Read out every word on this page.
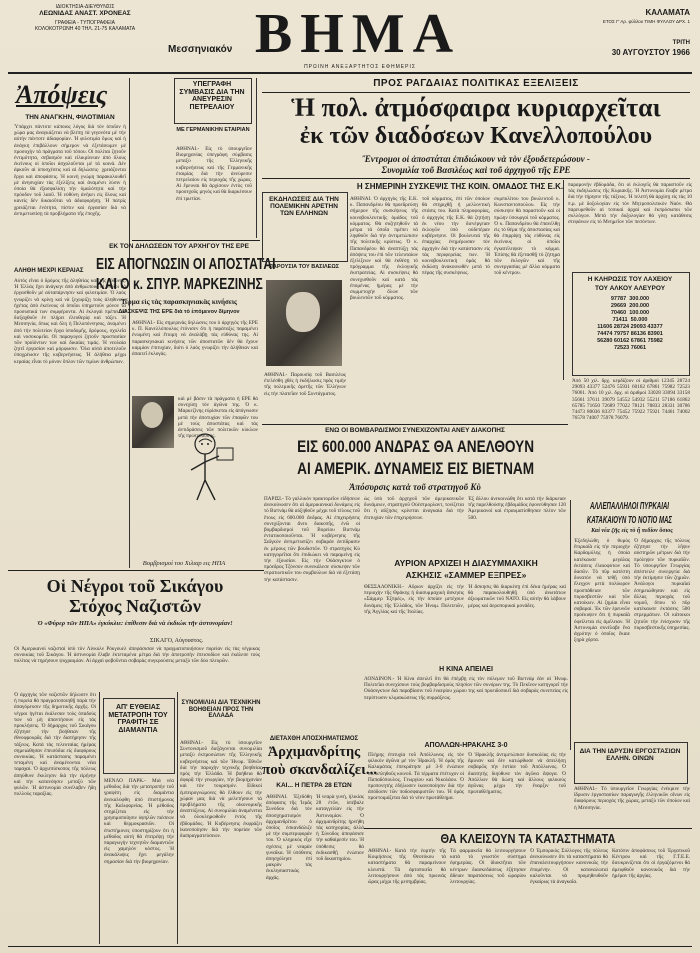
ΙΔΙΟΚΤΗΣΙΑ-ΔΙΕΥΘΥΝΣΙΣ
ΛΕΩΝΙΔΑΣ ΑΝΑΣΤ. ΧΡΟΝΕΑΣ
ΓΡΑΦΕΙΑ - ΤΥΠΟΓΡΑΦΕΙΑ
ΚΟΛΟΚΟΤΡΩΝΗ 40 ΤΗΛ. 21-75 ΚΑΛΑΜΑΤΑ
Μεσσηνιακόν ΒΗΜΑ
ΠΡΩΙΝΗ ΑΝΕΞΑΡΤΗΤΟΣ ΕΦΗΜΕΡΙΣ
ΚΑΛΑΜΑΤΑ
ΕΤΟΣ Γ' Αρ. φύλλου ΤΙΜΗ ΦΥΛΛΟΥ ΔΡΧ. 1
ΤΡΙΤΗ
30 ΑΥΓΟΥΣΤΟΥ 1966
Ἀπόψεις
ΤΗΝ ΑΝΑΓΚΗΝ, ΦΙΛΟΤΙΜΙΑΝ
Ὑπάρχει πάντοτε κάποιος λόγος διὰ τὸν ὁποῖον ἡ χώρα μας ἀναγκάζεται νὰ βλέπῃ τὰ γεγονότα μὲ τὴν αὐτὴν πάντοτε ἀδιαφορίαν. Ἡ φιλοτιμία ὅμως καὶ ἡ ἀνάγκη ἐπιβάλλουν σήμερον νὰ ἐξετάσωμεν μὲ προσοχὴν τὰ πράγματα τοῦ τόπου. Οἱ πολίται ζητοῦν ἐντιμότητα, σεβασμὸν καὶ εἰλικρίνειαν ἀπὸ ὅλους ἐκείνους οἱ ὁποῖοι ἀσχολοῦνται μὲ τὰ κοινά. Δὲν ἀρκοῦν αἱ ὑποσχέσεις καὶ αἱ δηλώσεις· χρειάζονται ἔργα καὶ ἀποφάσεις. Ἡ κοινὴ γνώμη παρακολουθεῖ μὲ ἀνησυχίαν τὰς ἐξελίξεις καὶ ἀναμένει λύσιν ἡ ὁποία θὰ ἐξασφαλίσῃ τὴν ὁμαλότητα καὶ τὴν πρόοδον τοῦ λαοῦ. Ἡ εὐθύνη ἀνήκει εἰς ὅλους καὶ κανεὶς δὲν δικαιοῦται νὰ ἀδιαφορήσῃ. Ἡ πατρὶς χρειάζεται ἑνότητα, πίστιν καὶ ἐργασίαν διὰ νὰ ἀντιμετωπίσῃ τὰ προβλήματα τῆς ἐποχῆς.
ΑΛΗΘΗ ΜΕΧΡΙ ΚΕΡΑΙΑΣ
Αὐτὸς εἶναι ὁ δρόμος τῆς ἀληθείας καὶ τῆς εὐθύνης. Ἡ Ἑλλὰς ἔχει ἀνάγκην ἀπὸ ἀνθρώπους οἱ ὁποῖοι θὰ ἐργασθοῦν μὲ αὐταπάρνησιν καὶ φιλοτιμίαν. Ὁ λαὸς γνωρίζει νὰ κρίνῃ καὶ νὰ ξεχωρίζῃ τοὺς ἀληθινοὺς ἡγέτας ἀπὸ ἐκείνους οἱ ὁποῖοι ὑπηρετοῦν μόνον τὰ προσωπικά των συμφέροντα. Αἱ ἐκλογαὶ πρέπει νὰ διεξαχθοῦν ἐν πλήρει ἐλευθερίᾳ καὶ τάξει. Ἡ Μεσσηνία, ὅπως καὶ ὅλη ἡ Πελοπόννησος, ἀναμένει ἀπὸ τὴν πολιτείαν ἔργα ὑποδομῆς, δρόμους, σχολεῖα καὶ νοσοκομεῖα. Οἱ παραγωγοὶ ζητοῦν προστασίαν τῶν προϊόντων των καὶ δικαίας τιμάς. Ἡ νεολαία ζητεῖ ἐργασίαν καὶ μόρφωσιν. Ὅλα αὐτὰ ἀποτελοῦν ὑποχρέωσιν τῆς κυβερνήσεως. Ἡ ἀλήθεια μέχρι κεραίας εἶναι τὸ μόνον ὅπλον τῶν τιμίων ἀνθρώπων.
ΥΠΕΓΡΑΦΗ ΣΥΜΒΑΣΙΣ ΔΙΑ ΤΗΝ ΑΝΕΥΡΕΣΙΝ ΠΕΤΡΕΛΑΙΟΥ
ΜΕ ΓΕΡΜΑΝΙΚΗΝ ΕΤΑΙΡΙΑΝ
ΑΘΗΝΑΙ.- Εἰς τὸ ὑπουργεῖον Βιομηχανίας ὑπεγράφη σύμβασις μεταξὺ τῆς Ἑλληνικῆς κυβερνήσεως καὶ τῆς Γερμανικῆς ἑταιρίας διὰ τὴν ἀνεύρεσιν πετρελαίου εἰς περιοχὰς τῆς χώρας. Αἱ ἔρευναι θὰ ἀρχίσουν ἐντὸς τοῦ προσεχοῦς μηνὸς καὶ θὰ διαρκέσουν ἐπὶ τριετίαν.
ΠΡΟΣ ΡΑΓΔΑΙΑΣ ΠΟΛΙΤΙΚΑΣ ΕΞΕΛΙΞΕΙΣ
Ἡ πολ. ἀτμόσφαιρα κυριαρχεῖται
ἐκ τῶν διαδόσεων Κανελλοπούλου
Ἔντρομοι οἱ ἀποστάται ἐπιδιώκουν νὰ τὸν ἐξουδετερώσουν -
Συνομιλία τοῦ Βασιλέως καὶ τοῦ ἀρχηγοῦ τῆς ΕΡΕ
ΕΚ ΤΟΝ ΔΗΛΩΣΕΩΝ ΤΟΥ ΑΡΧΗΓΟΥ ΤΗΣ ΕΡΕ
ΕΙΣ ΑΠΟΓΝΩΣΙΝ ΟΙ ΑΠΟΣΤΑΤΑΙ
ΚΑΙ Ο κ. ΣΠΥΡ. ΜΑΡΚΕΖΙΝΗΣ
Τέρμα εἰς τὰς παρασκηνιακὰς κινήσεις
ΔΙΑΣΚΕΨΙΣ ΤΗΣ ΕΡΕ διὰ τὸ ἑπόμενον δίμηνον
ΑΘΗΝΑΙ.- Εἰς σημερινὰς δηλώσεις του ὁ ἀρχηγὸς τῆς ΕΡΕ κ. Π. Κανελλόπουλος ἐτόνισεν ὅτι ἡ παράταξις παραμένει ἑνωμένη καὶ ἕτοιμη νὰ ἀναλάβῃ τὰς εὐθύνας της. Αἱ παρασκηνιακαὶ κινήσεις τῶν ἀποστατῶν δὲν θὰ ἔχουν καμμίαν ἐπιτυχίαν, διότι ὁ λαὸς γνωρίζει τὴν ἀλήθειαν καὶ ἀπαιτεῖ ἐκλογάς.
καὶ μὲ βάσιν τὰ πράγματα ἡ ΕΡΕ θὰ συνεχίσῃ τὸν ἀγῶνα της. Ὁ κ. Μαρκεζίνης εὑρίσκεται εἰς ἀπόγνωσιν μετὰ τὴν ἀποτυχίαν τῶν ἐπαφῶν του μὲ τοὺς ἀποστάτας καὶ τὰς ἀντιδράσεις τῶν πολιτικῶν κύκλων τῆς πρωτευούσης.
Βομβρισμοί του Χιλιαρ εις ΗΠΑ
ΕΚΔΗΛΩΣΕΙΣ ΔΙΑ ΤΗΝ ΠΟΛΕΜΙΚΗΝ ΑΡΕΤΗΝ ΤΩΝ ΕΛΛΗΝΩΝ
ΠΑΡΟΥΣΙΑ ΤΟΥ ΒΑΣΙΛΕΩΣ
ΑΘΗΝΑΙ.- Παρουσίᾳ τοῦ Βασιλέως ἐτελέσθη χθὲς ἡ ἐκδήλωσις πρὸς τιμὴν τῆς πολεμικῆς ἀρετῆς τῶν Ἑλλήνων εἰς τὴν πλατεῖαν τοῦ Συντάγματος.
Η ΣΗΜΕΡΙΝΗ ΣΥΣΚΕΨΙΣ ΤΗΣ ΚΟΙΝ. ΟΜΑΔΟΣ ΤΗΣ Ε.Κ.
ΑΘΗΝΑΙ. Ὁ ἀρχηγὸς τῆς Ε.Κ. κ. Παπανδρέου θὰ προεδρεύσῃ σήμερον τῆς συσκέψεως τῆς κοινοβουλευτικῆς ὁμάδος τοῦ κόμματος. Θὰ συζητηθοῦν τὰ μέτρα τὰ ὁποῖα πρέπει νὰ ληφθοῦν διὰ τὴν ἀντιμετώπισιν τῆς πολιτικῆς κρίσεως. Ὁ κ. Παπανδρέου θὰ ἀναπτύξῃ τὰς ἀπόψεις του ἐπὶ τῶν τελευταίων ἐξελίξεων καὶ θὰ ἐκθέσῃ τὸ πρόγραμμα τῆς ἐκλογικῆς ἐκστρατείας. Αἱ συσκέψεις θὰ συνεχισθοῦν καὶ κατὰ τὰς ἑπομένας ἡμέρας μὲ τὴν συμμετοχὴν ὅλων τῶν βουλευτῶν τοῦ κόμματος.
τοῦ κόμματος, ἐπὶ τῶν ὁποίων θὰ στηριχθῇ ἡ μελλοντικὴ στάσις του. Κατὰ πληροφορίας, ὁ ἀρχηγὸς τῆς Ε.Κ. θὰ ζητήσῃ ἐκ νέου τὴν διενέργειαν ἐκλογῶν ὑπὸ οὐδετέραν κυβέρνησιν. Οἱ βουλευταὶ τῆς ἐπαρχίας ἐνημέρωσαν τὸν ἀρχηγὸν διὰ τὴν κατάστασιν εἰς τὰς περιφερείας των. Ἡ κοινοβουλευτικὴ ὁμὰς θὰ ἐκδώσῃ ἀνακοινωθὲν μετὰ τὸ πέρας τῆς συσκέψεως.
συμπολίτου του βουλευτοῦ κ. Κωνσταντοπούλου. Εἰς τὴν σύσκεψιν θὰ παραστοῦν καὶ οἱ πρώην ὑπουργοὶ τοῦ κόμματος. Ὁ κ. Παπανδρέου θὰ ἐπανέλθῃ εἰς τὸ θέμα τῆς ἀποστασίας καὶ θὰ ἐπιρρίψῃ τὰς εὐθύνας εἰς ἐκείνους οἱ ὁποῖοι ἐγκατέλειψαν τὸ κόμμα. Ἐπίσης θὰ ἐξετασθῇ τὸ ζήτημα τῶν ἐκλογῶν καὶ τῆς συνεργασίας μὲ ἄλλα κόμματα τοῦ κέντρου.
παραμονὴν ἐβδομάδα, ὅτι οἱ ἐκλογεῖς θὰ παραστοῦν εἰς τὰς ἐκδηλώσεις τῆς Κυριακῆς. Ἡ Ἀστυνομία ἔλαβε μέτρα διὰ τὴν τήρησιν τῆς τάξεως. Ἡ τελετὴ θὰ ἀρχίσῃ εἰς τὰς 10 π.μ. μὲ δοξολογίαν εἰς τὸν Μητροπολιτικὸν Ναόν. Θὰ παρευρεθοῦν αἱ τοπικαὶ ἀρχαὶ καὶ ἐκπρόσωποι τῶν συλλόγων. Μετὰ τὴν δοξολογίαν θὰ γίνῃ κατάθεσις στεφάνων εἰς τὸ Μνημεῖον τῶν πεσόντων.
Η ΚΛΗΡΩΣΙΣ ΤΟΥ ΛΑΧΕΙΟΥ
ΤΟΥ ΑΛΚΟΥ ΑΛΕΥΡΟΥ
97787  300.000
29669  200.000
70460  100.000
71411  50.000
11606 28724 29093 43377
74474 79757 86136 83901
56280 60162 67861 75982
72523 76061
Ἀπὸ 50 χιλ. δρχ. κερδίζουν οἱ ἀριθμοὶ 12345 28724 29093 43377 52476 55931 60162 67861 75982 72523 76061. Ἀπὸ 10 χιλ. δρχ. οἱ ἀριθμοὶ 33028 33094 33158 35661 37611 39079 54552 54932 55211 57186 61862 65785 71650 72689 77022 78121 78833 28331 30786 74473 80036 83377 75452 75922 75921 74461 74002 76578 74007 75978 76079.
ΕΝΩ ΟΙ ΒΟΜΒΑΡΔΙΣΜΟΙ ΣΥΝΕΧΙΖΟΝΤΑΙ ΑΝΕΥ ΔΙΑΚΟΠΗΣ
ΕΙΣ 600.000 ΑΝΔΡΑΣ ΘΑ ΑΝΕΛΘΟΥΝ
ΑΙ ΑΜΕΡΙΚ. ΔΥΝΑΜΕΙΣ ΕΙΣ ΒΙΕΤΝΑΜ
Ἀπόσυρσις κατὰ τοῦ στρατηγοῦ Κὺ
ΠΑΡΙΣΙ.- Τὸ γαλλικὸν πρακτορεῖον εἰδήσεων ἀνεκοίνωσεν ὅτι αἱ ἀμερικανικαὶ δυνάμεις εἰς τὸ Βιετνὰμ θὰ αὐξηθοῦν μέχρι τοῦ τέλους τοῦ ἔτους εἰς 600.000 ἄνδρας. Αἱ ἐπιχειρήσεις συνεχίζονται ἄνευ διακοπῆς, ἐνῶ οἱ βομβαρδισμοὶ τοῦ Βορείου Βιετνὰμ ἐντατικοποιοῦνται. Ἡ κυβέρνησις τῆς Σαϊγκὸν ἀντιμετωπίζει σοβαρὰν ἀντίδρασιν ἐκ μέρους τῶν βουδιστῶν. Ὁ στρατηγὸς Κὺ κατηγορεῖται ὅτι ἐπιδιώκει νὰ παραμείνῃ εἰς τὴν ἐξουσίαν. Εἰς τὴν Οὐάσιγκτων ὁ πρόεδρος Τζόνσον συνεκάλεσε σύσκεψιν τῶν στρατιωτικῶν του συμβούλων διὰ νὰ ἐξετάσῃ τὴν κατάστασιν.
ὡς ὑπὸ τοῦ ἀρχηγοῦ τῶν ἀμερικανικῶν δυνάμεων, στρατηγοῦ Οὐέστμορλαντ, τονίζεται ὅτι ἡ αὔξησις κρίνεται ἀναγκαία διὰ τὴν ἐπιτυχίαν τῶν ἐπιχειρήσεων.
Ἐξ ἄλλου ἀνεκοινώθη ὅτι κατὰ τὴν διάρκειαν τῆς παρελθούσης ἑβδομάδος ἐφονεύθησαν 120 Ἀμερικανοὶ καὶ ἐτραυματίσθησαν πλέον τῶν 500.
ΑΥΡΙΟΝ ΑΡΧΙΖΕΙ Η ΔΙΑΣΥΜΜΑΧΙΚΗ
ΑΣΚΗΣΙΣ «ΣΑΜΜΕΡ ΕΞΠΡΕΣ»
ΘΕΣΣΑΛΟΝΙΚΗ.- Αὔριον ἀρχίζει εἰς τὴν περιοχὴν τῆς Θράκης ἡ διασυμμαχικὴ ἄσκησις «Σάμμερ Ἐξπρὲς», εἰς τὴν ὁποίαν μετέχουν δυνάμεις τῆς Ἑλλάδος, τῶν Ἡνωμ. Πολιτειῶν, τῆς Ἀγγλίας καὶ τῆς Ἰταλίας.
Ἡ ἄσκησις θὰ διαρκέσῃ ἐπὶ δέκα ἡμέρας καὶ θὰ παρακολουθηθῇ ὑπὸ ἀνωτάτων ἀξιωματικῶν τοῦ ΝΑΤΟ. Εἰς αὐτὴν θὰ λάβουν μέρος καὶ ἀεροπορικαὶ μονάδες.
Η ΚΙΝΑ ΑΠΕΙΛΕΙ
ΛΟΝΔΙΝΟΝ.- Ἡ Κίνα ἀπειλεῖ ὅτι θὰ ἐπέμβῃ εἰς τὸν πόλεμον τοῦ Βιετνὰμ ἐὰν αἱ Ἡνωμ. Πολιτεῖαι συνεχίσουν τοὺς βομβαρδισμοὺς πλησίον τῶν συνόρων της. Τὸ Πεκῖνον κατηγορεῖ τὴν Οὐάσιγκτων διὰ παραβίασιν τοῦ ἐναερίου χώρου της καὶ προειδοποιεῖ διὰ σοβαρὰς συνεπείας εἰς περίπτωσιν κλιμακώσεως τῆς συρράξεως.
ΑΛΛΕΠΑΛΛΗΛΟΙ ΠΥΡΚΑΙΑΙ
ΚΑΤΑΚΑΙΟΥΝ ΤΟ ΝΟΤΙΟ ΜΑΣ
Καὶ νέα ζῆς εἰς τὸ ἦ πεδίον ὅσιος
Ἐξεδηλώθη ὁ θυμὸς ἔπιρκαϊὰ εἰς τὴν περιοχὴν Καρδαμύλης ἡ ὁποία κατέκαυσε μεγάλας ἐκτάσεις ἐλαιοφύτων καὶ δασῶν. Τὸ πῦρ κατέστη δυνατὸν νὰ τεθῇ ὑπὸ ἔλεγχον μετὰ πολύωρον προσπάθειαν τῶν πυροσβεστῶν καὶ τῶν κατοίκων. Αἱ ζημίαι εἶναι σοβαραί. Ἐκ τῶν ἐρευνῶν προέκυψεν ὅτι ἡ πυρκαϊὰ ὀφείλεται εἰς ἀμέλειαν. Ἡ Ἀστυνομία συνέλαβε ἕνα ἀγρότην ὁ ὁποῖος ἔκαιε ξηρὰ χόρτα.
Ὁ δήμαρχος τῆς πόλεως ἐζήτησε τὴν λῆψιν αὐστηρῶν μέτρων διὰ τὴν πρόληψιν τῶν πυρκαϊῶν. Τὸ ὑπουργεῖον Γεωργίας ἀπέστειλε συνεργεία διὰ τὴν ἐκτίμησιν τῶν ζημιῶν. Ἀνάλογοι πυρκαϊαὶ ἐσημειώθησαν καὶ εἰς ἄλλας περιοχὰς τοῦ νομοῦ, ὅπου τὸ πῦρ κατέκαυσε ἐκτάσεις 500 στρεμμάτων. Οἱ κάτοικοι ζητοῦν τὴν ἐνίσχυσιν τῆς πυροσβεστικῆς ὑπηρεσίας.
Οἱ Νέγροι τοῦ Σικάγου
Στόχος Ναζιστῶν
Ὁ «Φύρερ τῶν ΗΠΑ» ἐγκύκλιε: ἐπίθεσιν διὰ νὰ ἐκδιώκ τῆν ἀστυνομίαν!
ΣΙΚΑΓΟ, Αὐγουστος.
Οἱ Ἀμερικανοὶ ναζισταὶ ὑπὸ τὸν Λίνκολν Ρόκγουελ ἀπεφάσισαν νὰ πραγματοποιήσουν πορείαν εἰς τὰς νέγρικας συνοικίας τοῦ Σικάγου. Ἡ ἀστυνομία ἔλαβε ἐκτεταμένα μέτρα διὰ τὴν ἀποτροπὴν ἐπεισοδίων καὶ ἐκάλεσε τοὺς πολίτας νὰ τηρήσουν ψυχραιμίαν. Αἱ ἀρχαὶ φοβοῦνται σοβαρὰς συγκρούσεις μεταξὺ τῶν δύο πλευρῶν.
Ὁ ἀρχηγὸς τῶν ναζιστῶν δήλωσεν ὅτι ἡ πορεία θὰ πραγματοποιηθῇ παρὰ τὴν ἀπαγόρευσιν τῆς δημοτικῆς ἀρχῆς. Οἱ νέγροι ἡγέται ἐκάλεσαν τοὺς ὀπαδούς των νὰ μὴ ἀπαντήσουν εἰς τὰς προκλήσεις. Ὁ δήμαρχος τοῦ Σικάγου ἐζήτησε τὴν βοήθειαν τῆς ἐθνοφρουρᾶς διὰ τὴν διατήρησιν τῆς τάξεως. Κατὰ τὰς τελευταίας ἡμέρας σημειώθησαν ἐπεισόδια εἰς διαφόρους συνοικίας. Ἡ κατάστασις παραμένει τεταμένη καὶ ἀναμένονται νέαι ταραχαί. Ὁ ἀρχιεπίσκοπος τῆς πόλεως ἀπηύθυνε ἔκκλησιν διὰ τὴν εἰρήνην καὶ τὴν κατανόησιν μεταξὺ τῶν φυλῶν. Ἡ ἀστυνομία συνέλαβεν ἤδη πολλοὺς ταραξίας.
ΑΠ' ΕΥΘΕΙΑΣ ΜΕΤΑΤΡΟΠΗ ΤΟΥ ΓΡΑΦΙΤΗ ΣΕ ΔΙΑΜΑΝΤΙΑ
ΜΕΝΛΟ ΠΑΡΚ.- Μιὰ νέα μέθοδος διὰ τὴν μετατροπὴν τοῦ γραφίτη εἰς διαμάντια ἀνεκαλύφθη ἀπὸ ἐπιστήμονας τῆς Καλιφορνίας. Ἡ μέθοδος στηρίζεται εἰς τὴν χρησιμοποίησιν ὑψηλῶν πιέσεων καὶ θερμοκρασιῶν. Οἱ ἐπιστήμονες ὑποστηρίζουν ὅτι ἡ μέθοδος αὐτὴ θὰ ἐπιτρέψῃ τὴν παραγωγὴν τεχνητῶν διαμαντιῶν εἰς χαμηλὸν κόστος. Ἡ ἀνακάλυψις ἔχει μεγάλην σημασίαν διὰ τὴν βιομηχανίαν.
ΣΥΝΟΜΙΛΙΑΙ ΔΙΑ ΤΕΧΝΙΚΗΝ ΒΟΗΘΕΙΑΝ ΠΡΟΣ ΤΗΝ ΕΛΛΑΔΑ
ΑΘΗΝΑΙ.- Εἰς τὸ ὑπουργεῖον Συντονισμοῦ διεξάγονται συνομιλίαι μεταξὺ ἐκπροσώπων τῆς Ἑλληνικῆς κυβερνήσεως καὶ τῶν Ἡνωμ. Ἐθνῶν διὰ τὴν παροχὴν τεχνικῆς βοηθείας πρὸς τὴν Ἑλλάδα. Ἡ βοήθεια θὰ ἀφορᾷ τὴν γεωργίαν, τὴν βιομηχανίαν καὶ τὸν τουρισμόν. Εἰδικοὶ ἐμπειρογνώμονες θὰ ἔλθουν εἰς τὴν χώραν μας διὰ νὰ μελετήσουν τὰ προβλήματα τῆς οἰκονομικῆς ἀναπτύξεως. Αἱ συνομιλίαι ἀναμένεται νὰ ὁλοκληρωθοῦν ἐντὸς τῆς ἑβδομάδος. Ἡ Κυβέρνησις ἐκφράζει ἱκανοποίησιν διὰ τὴν πορείαν τῶν διαπραγματεύσεων.
ΔΙΕΤΑΧΘΗ ΑΠΟΣΧΗΜΑΤΙΣΜΟΣ
Ἀρχιμανδρίτης
ποὺ σκανδαλίζει...
ΚΑΙ... Η ΠΕΤΡΑ 28 ΕΤΩΝ
ΑΘΗΝΑΙ. Ἐξεδόθη ἀπόφασις τῆς Ἱερᾶς Συνόδου διὰ τὸν ἀποσχηματισμὸν ἀρχιμανδρίτου ὁ ὁποῖος ἐσκανδάλιζε μὲ τὴν συμπεριφοράν του. Ὁ κληρικὸς εἶχε σχέσεις μὲ νεαρὰν γυναῖκα. Ἡ ὑπόθεσις ἀπησχόλησε ἐπὶ μακρὸν τὰς ἐκκλησιαστικὰς ἀρχάς.
Ἡ νεαρὰ γυνή, ἡλικίας 28 ἐτῶν, ὑπέβαλε καταγγελίαν εἰς τὴν Ἀστυνομίαν. Ὁ ἀρχιμανδρίτης ἠρνήθη τὰς κατηγορίας, ἀλλὰ ἡ Σύνοδος ἀπεφάσισε τὴν καθαίρεσίν του. Ἡ ὑπόθεσις θὰ ἐκδικασθῇ ἐνώπιον τοῦ δικαστηρίου.
ΑΠΟΛΛΩΝ-ΗΡΑΚΛΗΣ 3-0
Πλήρης ἐπιτυχία τοῦ Ἀπόλλωνος εἰς τὸν φιλικὸν ἀγῶνα μὲ τὸν Ἡρακλῆ. Ἡ ὁμὰς τῆς Καλαμάτας ἐπεκράτησε μὲ 3-0 ἐνώπιον πολυπληθοῦς κοινοῦ. Τὰ τέρματα ἐπέτυχον οἱ Παπαδόπουλος, Γεωργίου καὶ Νικολάου. Ὁ προπονητὴς ἐδήλωσεν ἱκανοποίησιν διὰ τὴν ἀπόδοσιν τῶν ποδοσφαιριστῶν του. Ἡ ὁμὰς προετοιμάζεται διὰ τὸ νέον πρωτάθλημα.
Ὁ Ἡρακλῆς ἀντιμετώπισε δυσκολίας εἰς τὴν ἄμυναν καὶ δὲν κατώρθωσε νὰ ἀπειλήσῃ σοβαρῶς τὴν ἑστίαν τοῦ Ἀπόλλωνος. Ὁ διαιτητὴς διηύθυνε τὸν ἀγῶνα ἄψογα. Ὁ Ἀπόλλων θὰ δώσῃ καὶ ἄλλους φιλικοὺς ἀγῶνας μέχρι τὴν ἔναρξιν τοῦ πρωταθλήματος.
ΔΙΑ ΤΗΝ ΙΔΡΥΣΙΝ ΕΡΓΟΣΤΑΣΙΩΝ ΕΛΛΗΝ. ΟΙΝΩΝ
ΑΘΗΝΑΙ.- Τὸ ὑπουργεῖον Γεωργίας ἐνέκρινε τὴν ἵδρυσιν ἐργοστασίων παραγωγῆς ἑλληνικῶν οἴνων εἰς διαφόρους περιοχὰς τῆς χώρας, μεταξὺ τῶν ὁποίων καὶ ἡ Μεσσηνία.
ΘΑ ΚΛΕΙΣΟΥΝ ΤΑ ΚΑΤΑΣΤΗΜΑΤΑ
ΑΘΗΝΑΙ.- Κατὰ τὴν ἑορτὴν τῆς Κοιμήσεως τῆς Θεοτόκου τὰ καταστήματα θὰ παραμείνουν κλειστά. Τὰ ἀρτοποιεῖα θὰ λειτουργήσουν ἀπὸ τὰς πρωινὰς ὥρας μέχρι τῆς μεσημβρίας.
Τὰ φαρμακεῖα θὰ λειτουργήσουν κατὰ τὸ γνωστὸν σύστημα ἐφημερίας. Οἱ ἰδιοκτῆται τῶν κέντρων διασκεδάσεως ἐζήτησαν ἄδειαν παρατάσεως τοῦ ὡραρίου λειτουργίας.
Ὁ Ἐμπορικὸς Σύλλογος τῆς πόλεως ἀνεκοίνωσεν ὅτι τὰ καταστήματα θὰ ἐπαναλειτουργήσουν κανονικῶς τὴν ἑπομένην. Οἱ καταναλωταὶ καλοῦνται νὰ προμηθευθοῦν ἐγκαίρως τὰ ἀναγκαῖα.
Κατόπιν ἀποφάσεως τοῦ Ἐργατικοῦ Κέντρου καὶ τῆς Γ.Τ.Ε.Ε. διευκρινίζεται ὅτι οἱ ἐργαζόμενοι θὰ ἀμειφθοῦν κανονικῶς διὰ τὴν ἡμέραν τῆς ἀργίας.
